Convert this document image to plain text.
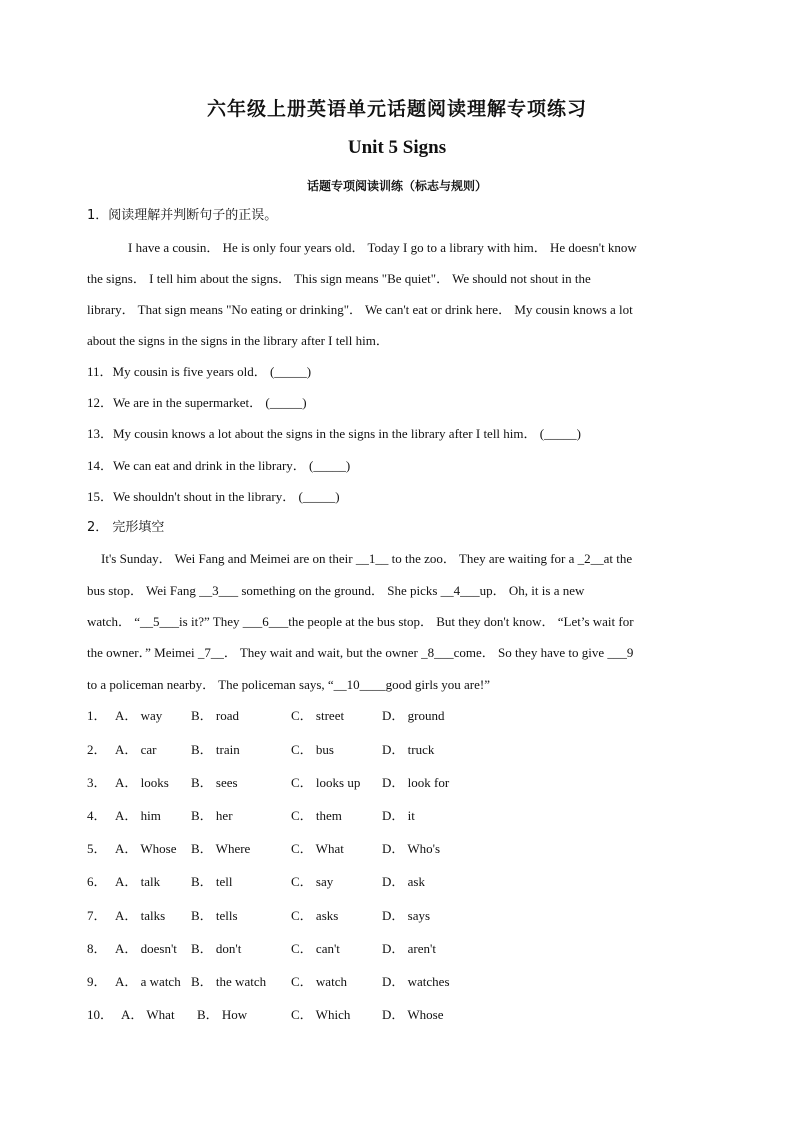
六年级上册英语单元话题阅读理解专项练习
Unit 5 Signs
话题专项阅读训练（标志与规则）
1．阅读理解并判断句子的正误。
I have a cousin． He is only four years old． Today I go to a library with him． He doesn't know
the signs． I tell him about the signs． This sign means "Be quiet"． We should not shout in the
library． That sign means "No eating or drinking"． We can't eat or drink here． My cousin knows a lot
about the signs in the signs in the library after I tell him．
11．My cousin is five years old． (_____)
12．We are in the supermarket． (_____)
13．My cousin knows a lot about the signs in the signs in the library after I tell him． (_____)
14．We can eat and drink in the library． (_____)
15．We shouldn't shout in the library． (_____)
2． 完形填空
It's Sunday． Wei Fang and Meimei are on their __1__ to the zoo． They are waiting for a _2__at the
bus stop． Wei Fang __3___ something on the ground． She picks __4___up． Oh, it is a new
watch． “__5___is it?” They ___6___the people at the bus stop． But they don't know． “Let’s wait for
the owner．” Meimei _7__． They wait and wait, but the owner _8___come． So they have to give ___9
to a policeman nearby． The policeman says, “__10____good girls you are!”
1． A． way B． road	C． street	D． ground
2． A． car	B． train	C． bus	D． truck
3． A． looks B． sees	C． looks up D． look for
4． A． him B． her	C． them	D． it
5． A． Whose B． Where	C． What	D． Who's
6． A． talk B． tell	C． say	D． ask
7． A． talks B． tells	C． asks	D． says
8． A． doesn't B． don't	C． can't	D． aren't
9． A． a watch B． the watch C． watch	D． watches
10． A． What B． How	C． Which D． Whose
